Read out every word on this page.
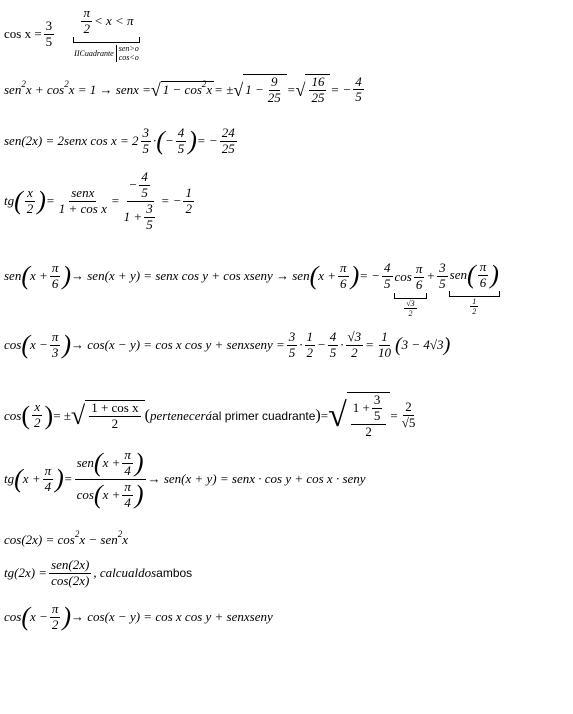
$\cos x = \frac{3}{5}$
π
2 < x < π
IICuadrante
sen>o
cos<o
sen 2 x + cos 2 x = 1 → senx = √ 1 − cos 2 x = ± √ $1 - \frac{9}{25}$ = √ 16
25
= − $\frac{4}{5}$
sen(2x) = 2senx cos x = 2
3
5 · ( − $\frac{4}{5}$ ) = − $\frac{24}{25}$
tg ( x
2 ) =
senx
$1 + \cos x = \frac{- \frac{4}{5}}{1 + \frac{3}{5}}$ = − $\frac{1}{2}$
sen ( $x + \frac{\pi}{6}$ ) → sen(x + y) = senx cos y + cos xseny → sen ( $x + \frac{\pi}{6}$ ) = − $\frac{4}{5}$ cos
π
6
√3
2
+ $\frac{3}{5}$ sen ( π
6 )
1
2
cos ( $x - \frac{\pi}{3}$ ) → cos(x − y) = cos x cos y + senxseny = $\frac{3}{5}$ ·
1
$2 - \frac{4}{5} \cdot \frac{√3}{2} = \frac{1}{10}$ ( 3 − 4√3 )
cos ( x
2 ) = ± √ 1 + cos x
2 ( pertenecerá al primer cuadrante ) = √ $1 + \frac{3}{5}$
2
= $\frac{2}{√5}$
tg ( $x + \frac{\pi}{4}$ ) =
sen ( $x + \frac{\pi}{4}$ )
cos ( $x + \frac{\pi}{4}$ )
→ sen(x + y) = senx · cos y + cos x · seny
cos(2x) = cos 2 x − sen 2 x
tg(2x) =
sen(2x)
cos(2x) , calcualdos ambos
cos ( $x - \frac{\pi}{2}$ ) → cos(x − y) = cos x cos y + senxseny
